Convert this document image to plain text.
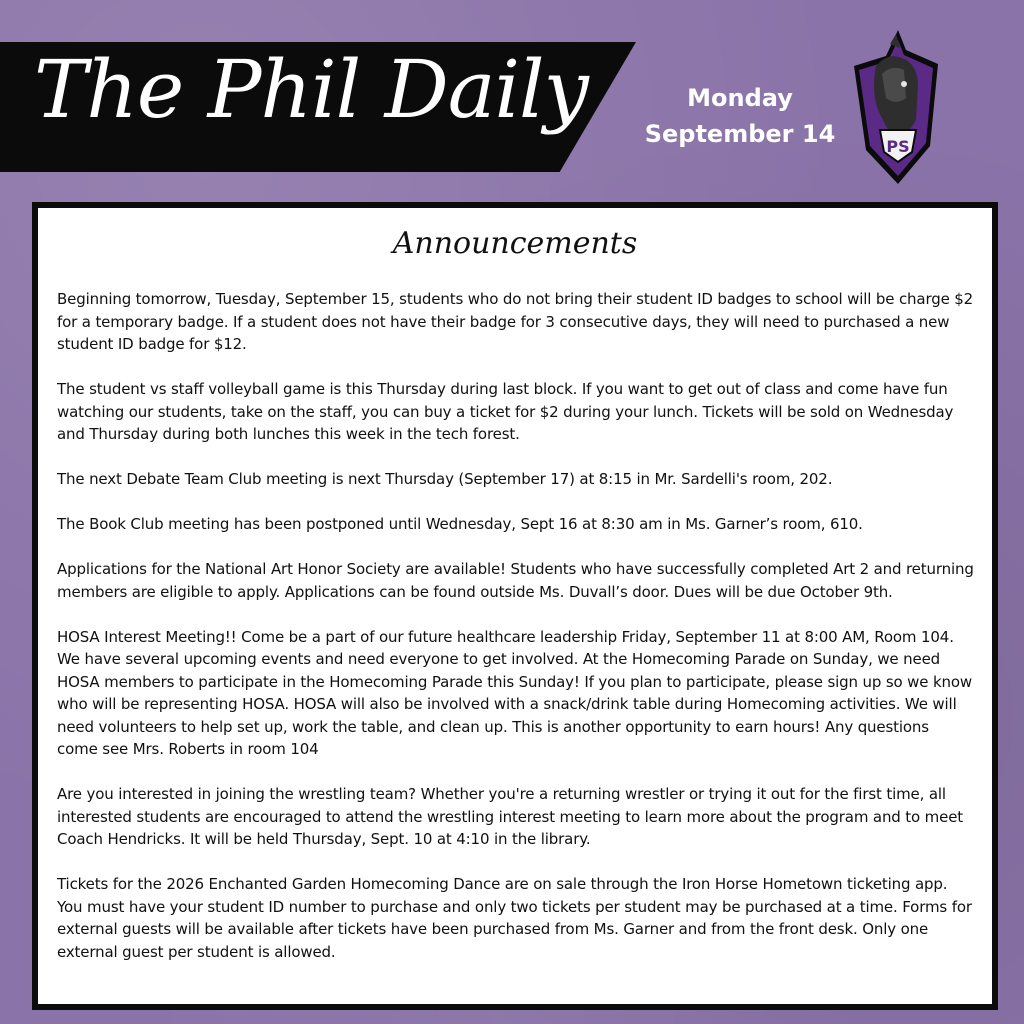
The Phil Daily	Monday
September 14	PS
Announcements

Beginning tomorrow, Tuesday, September 15, students who do not bring their student ID badges to school will be charge $2 for a temporary badge. If a student does not have their badge for 3 consecutive days, they will need to purchased a new student ID badge for $12.

The student vs staff volleyball game is this Thursday during last block. If you want to get out of class and come have fun watching our students, take on the staff, you can buy a ticket for $2 during your lunch. Tickets will be sold on Wednesday and Thursday during both lunches this week in the tech forest.

The next Debate Team Club meeting is next Thursday (September 17) at 8:15 in Mr. Sardelli's room, 202.

The Book Club meeting has been postponed until Wednesday, Sept 16 at 8:30 am in Ms. Garner’s room, 610.

Applications for the National Art Honor Society are available! Students who have successfully completed Art 2 and returning members are eligible to apply. Applications can be found outside Ms. Duvall’s door. Dues will be due October 9th.

HOSA Interest Meeting!! Come be a part of our future healthcare leadership Friday, September 11 at 8:00 AM, Room 104. We have several upcoming events and need everyone to get involved. At the Homecoming Parade on Sunday, we need HOSA members to participate in the Homecoming Parade this Sunday! If you plan to participate, please sign up so we know who will be representing HOSA. HOSA will also be involved with a snack/drink table during Homecoming activities. We will need volunteers to help set up, work the table, and clean up. This is another opportunity to earn hours! Any questions come see Mrs. Roberts in room 104

Are you interested in joining the wrestling team? Whether you're a returning wrestler or trying it out for the first time, all interested students are encouraged to attend the wrestling interest meeting to learn more about the program and to meet Coach Hendricks. It will be held Thursday, Sept. 10 at 4:10 in the library.

Tickets for the 2026 Enchanted Garden Homecoming Dance are on sale through the Iron Horse Hometown ticketing app. You must have your student ID number to purchase and only two tickets per student may be purchased at a time. Forms for external guests will be available after tickets have been purchased from Ms. Garner and from the front desk. Only one external guest per student is allowed.
